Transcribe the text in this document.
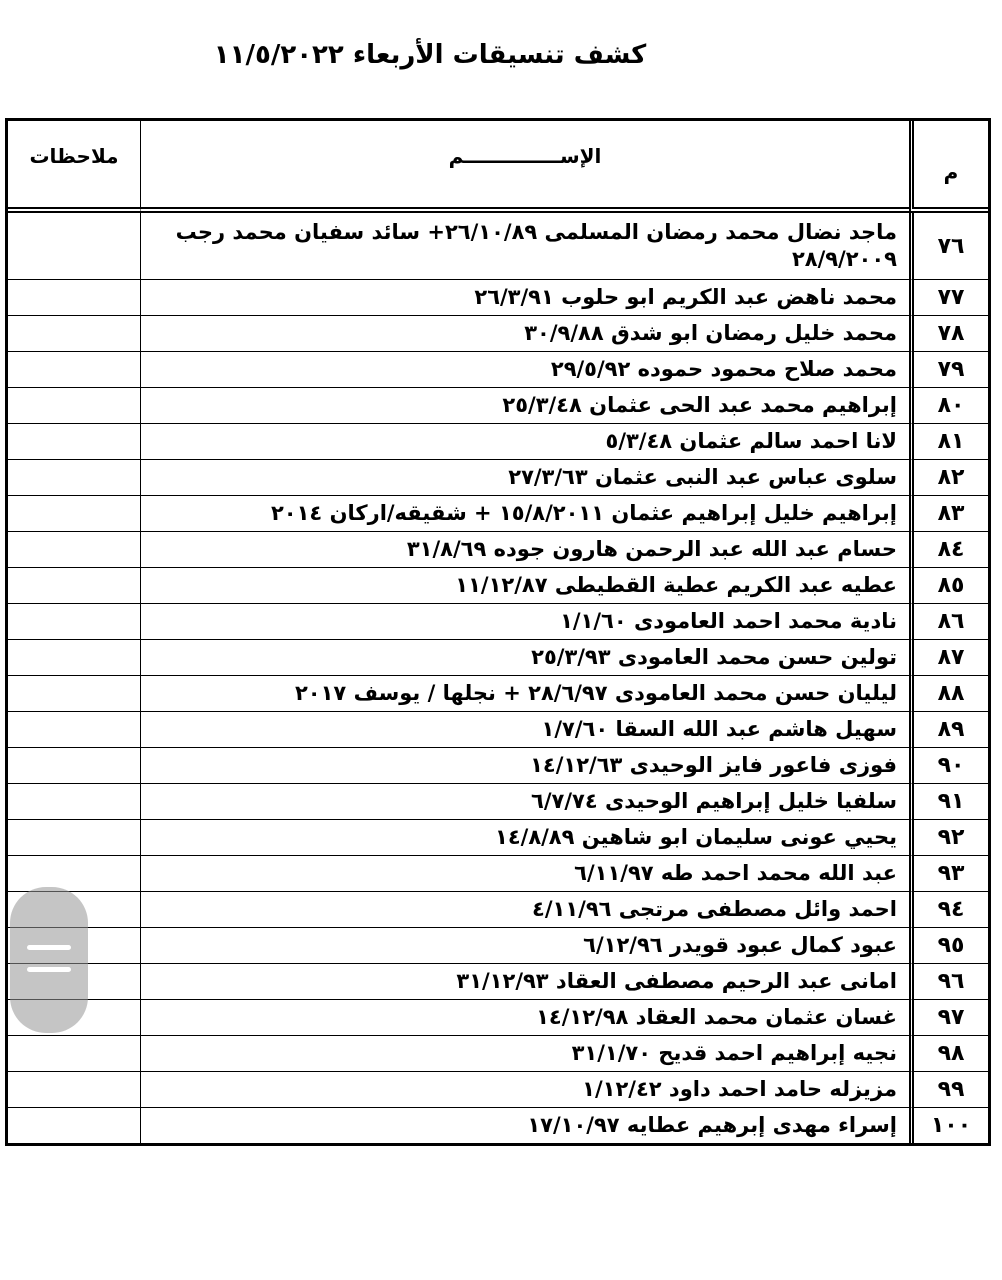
كشف تنسيقات الأربعاء ١١/٥/٢٠٢٢
م	الإســــــــــــــم	ملاحظات
٧٦	ماجد نضال محمد رمضان المسلمى ٢٦/١٠/٨٩+ سائد سفيان محمد رجب ٢٨/٩/٢٠٠٩	
٧٧	محمد ناهض عبد الكريم ابو حلوب ٢٦/٣/٩١	
٧٨	محمد خليل رمضان ابو شدق ٣٠/٩/٨٨	
٧٩	محمد صلاح محمود حموده ٢٩/٥/٩٢	
٨٠	إبراهيم محمد عبد الحى عثمان ٢٥/٣/٤٨	
٨١	لانا احمد سالم عثمان ٥/٣/٤٨	
٨٢	سلوى عباس عبد النبى عثمان ٢٧/٣/٦٣	
٨٣	إبراهيم خليل إبراهيم عثمان ١٥/٨/٢٠١١ + شقيقه/اركان ٢٠١٤	
٨٤	حسام عبد الله عبد الرحمن هارون جوده ٣١/٨/٦٩	
٨٥	عطيه عبد الكريم عطية القطيطى ١١/١٢/٨٧	
٨٦	نادية محمد احمد العامودى ١/١/٦٠	
٨٧	تولين حسن محمد العامودى ٢٥/٣/٩٣	
٨٨	ليليان حسن محمد العامودى ٢٨/٦/٩٧ + نجلها / يوسف ٢٠١٧	
٨٩	سهيل هاشم عبد الله السقا ١/٧/٦٠	
٩٠	فوزى فاعور فايز الوحيدى ١٤/١٢/٦٣	
٩١	سلفيا خليل إبراهيم الوحيدى ٦/٧/٧٤	
٩٢	يحيي عونى سليمان ابو شاهين ١٤/٨/٨٩	
٩٣	عبد الله محمد احمد طه ٦/١١/٩٧	
٩٤	احمد وائل مصطفى مرتجى ٤/١١/٩٦	
٩٥	عبود كمال عبود قويدر ٦/١٢/٩٦	
٩٦	امانى عبد الرحيم مصطفى العقاد ٣١/١٢/٩٣	
٩٧	غسان عثمان محمد العقاد ١٤/١٢/٩٨	
٩٨	نجيه إبراهيم احمد قديح ٣١/١/٧٠	
٩٩	مزيزله حامد احمد داود ١/١٢/٤٢	
١٠٠	إسراء مهدى إبرهيم عطايه ١٧/١٠/٩٧	
